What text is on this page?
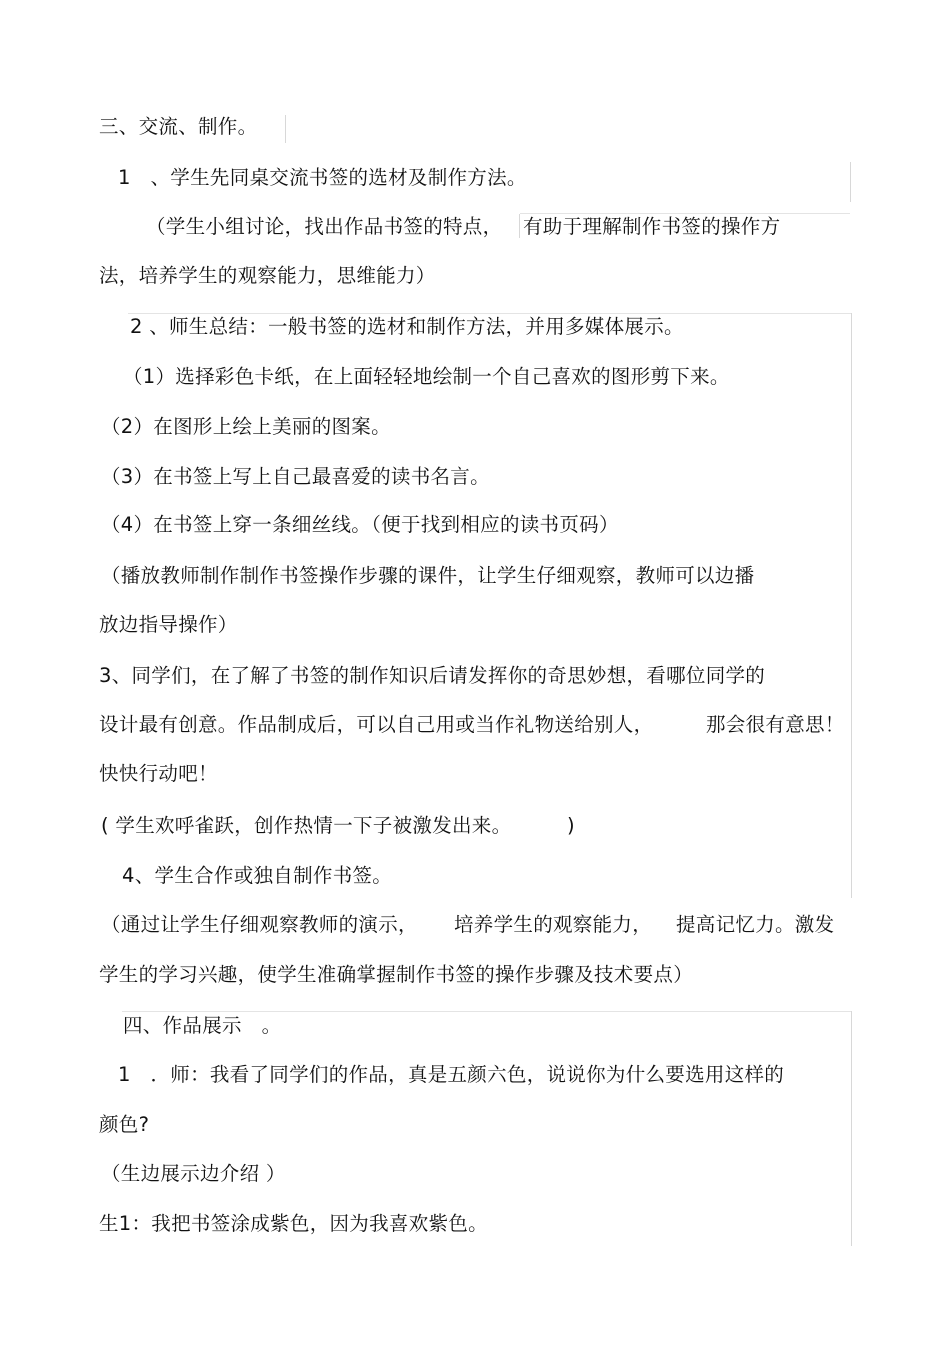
三、交流、制作。
1　、学生先同桌交流书签的选材及制作方法。
（学生小组讨论，找出作品书签的特点， 有助于理解制作书签的操作方
法，培养学生的观察能力，思维能力）
2 、师生总结：一般书签的选材和制作方法，并用多媒体展示。
（1）选择彩色卡纸，在上面轻轻地绘制一个自己喜欢的图形剪下来。
（2）在图形上绘上美丽的图案。
（3）在书签上写上自己最喜爱的读书名言。
（4）在书签上穿一条细丝线。（便于找到相应的读书页码）
（播放教师制作制作书签操作步骤的课件，让学生仔细观察，教师可以边播
放边指导操作）
3、同学们，在了解了书签的制作知识后请发挥你的奇思妙想，看哪位同学的
设计最有创意。作品制成后，可以自己用或当作礼物送给别人，	那会很有意思！
快快行动吧！
( 学生欢呼雀跃，创作热情一下子被激发出来。	)
4、学生合作或独自制作书签。
（通过让学生仔细观察教师的演示， 培养学生的观察能力， 提高记忆力。激发
学生的学习兴趣，使学生准确掌握制作书签的操作步骤及技术要点）
四、作品展示　。
1　．师：我看了同学们的作品，真是五颜六色，说说你为什么要选用这样的
颜色?
（生边展示边介绍 ）
生1：我把书签涂成紫色，因为我喜欢紫色。
